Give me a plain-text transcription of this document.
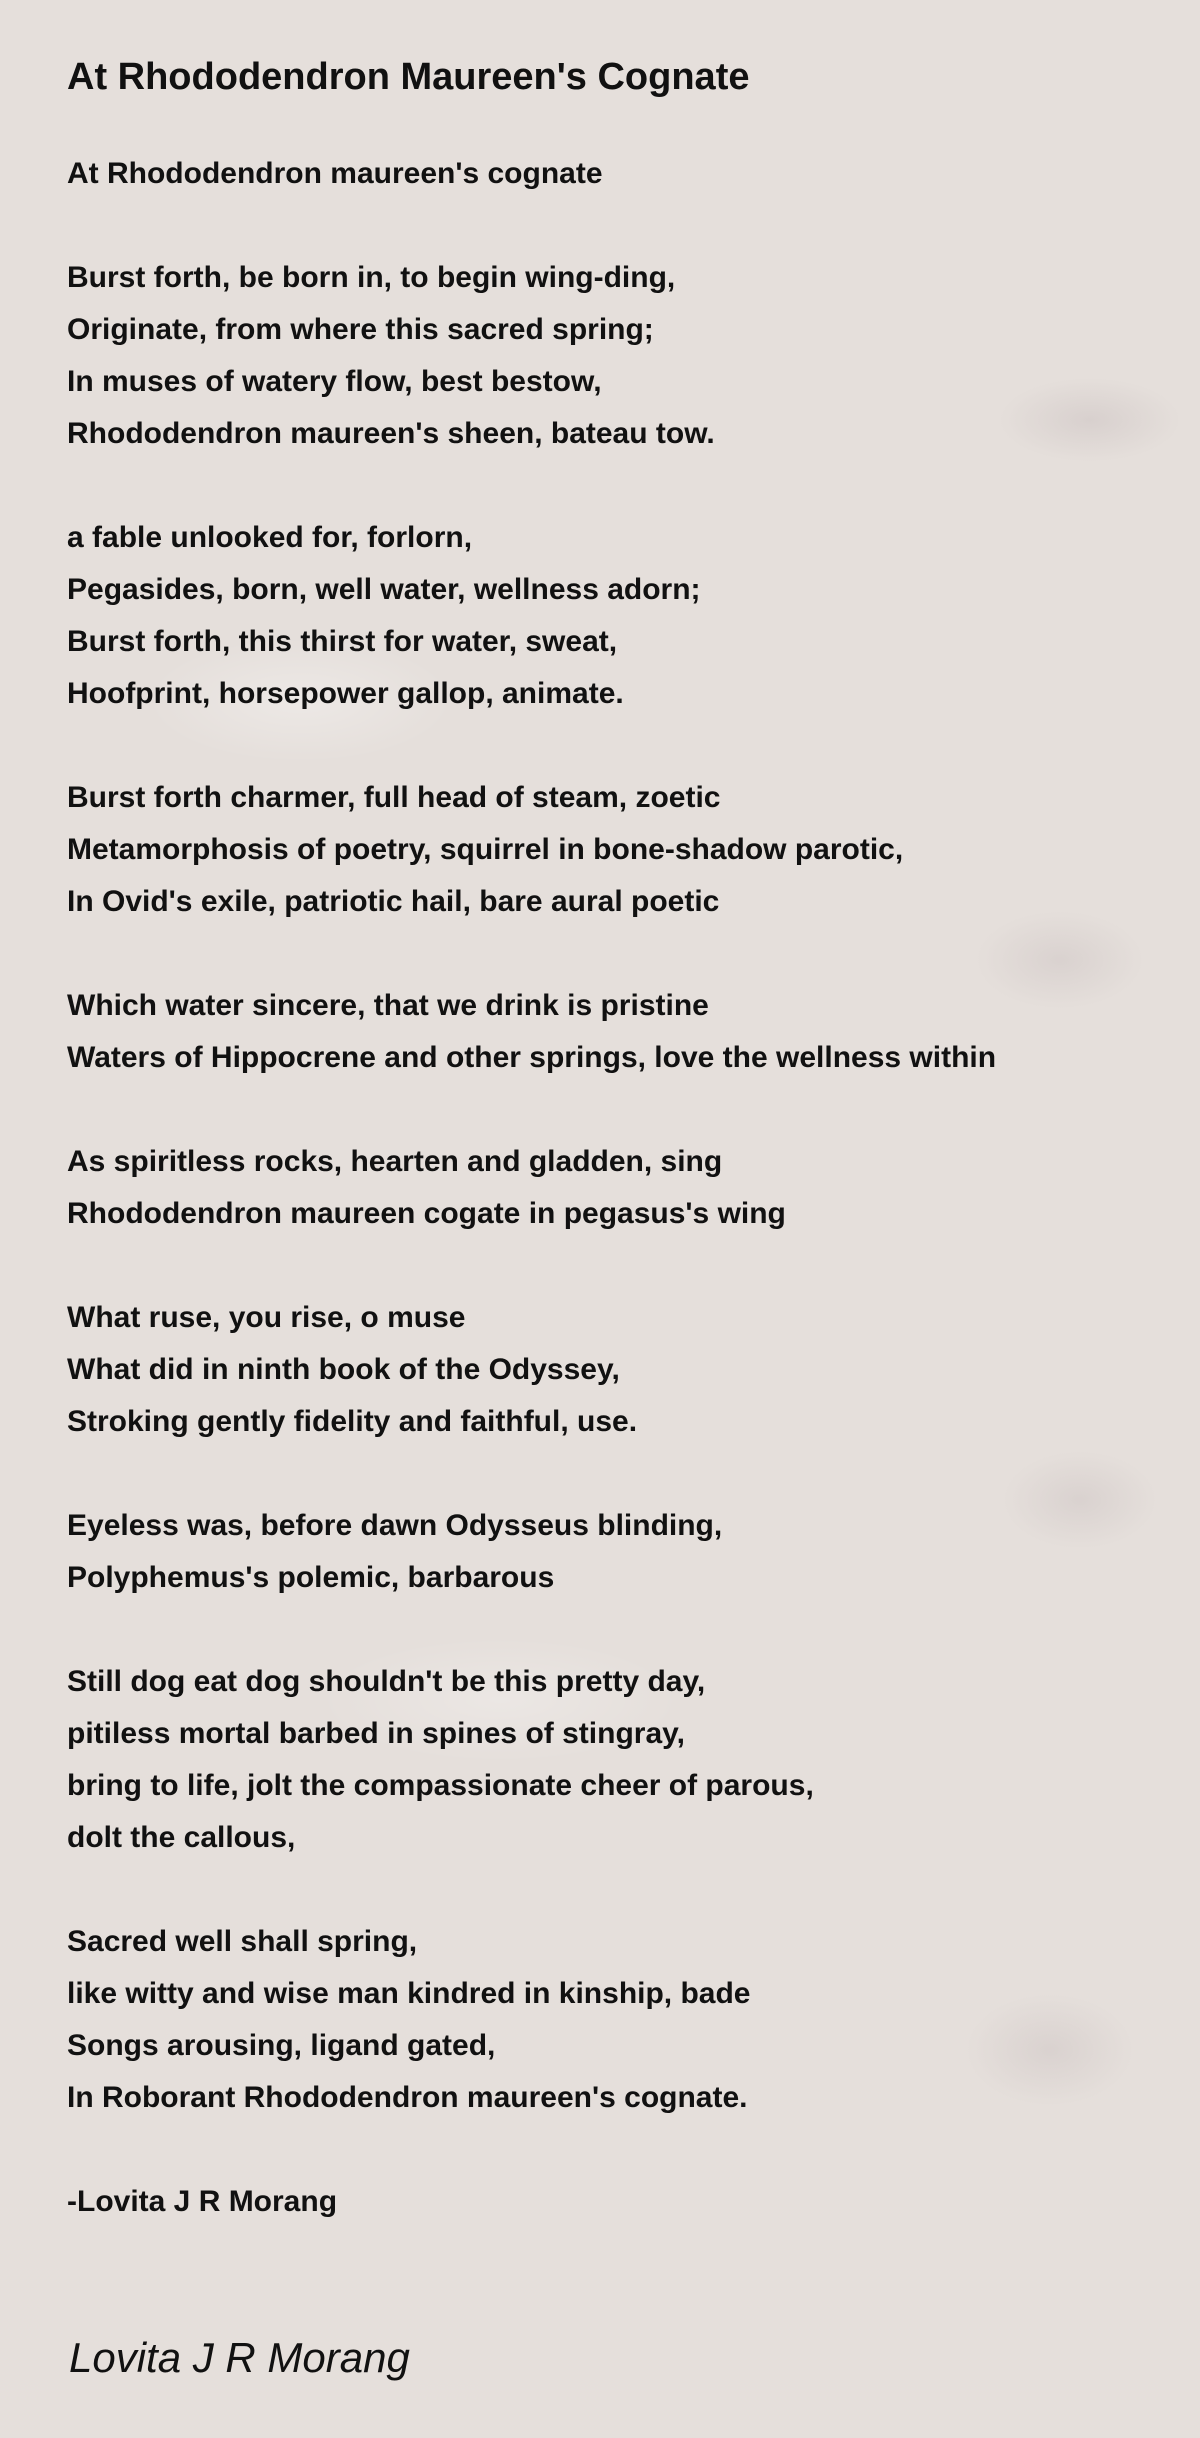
At Rhododendron Maureen's Cognate
At Rhododendron maureen's cognate
Burst forth, be born in, to begin wing-ding,
Originate, from where this sacred spring;
In muses of watery flow, best bestow,
Rhododendron maureen's sheen, bateau tow.
a fable unlooked for, forlorn,
Pegasides, born, well water, wellness adorn;
Burst forth, this thirst for water, sweat,
Hoofprint, horsepower gallop, animate.
Burst forth charmer, full head of steam, zoetic
Metamorphosis of poetry, squirrel in bone-shadow parotic,
In Ovid's exile, patriotic hail, bare aural poetic
Which water sincere, that we drink is pristine
Waters of Hippocrene and other springs, love the wellness within
As spiritless rocks, hearten and gladden, sing
Rhododendron maureen cogate in pegasus's wing
What ruse, you rise, o muse
What did in ninth book of the Odyssey,
Stroking gently fidelity and faithful, use.
Eyeless was, before dawn Odysseus blinding,
Polyphemus's polemic, barbarous
Still dog eat dog shouldn't be this pretty day,
pitiless mortal barbed in spines of stingray,
bring to life, jolt the compassionate cheer of parous,
dolt the callous,
Sacred well shall spring,
like witty and wise man kindred in kinship, bade
Songs arousing, ligand gated,
In Roborant Rhododendron maureen's cognate.
-Lovita J R Morang
Lovita J R Morang
